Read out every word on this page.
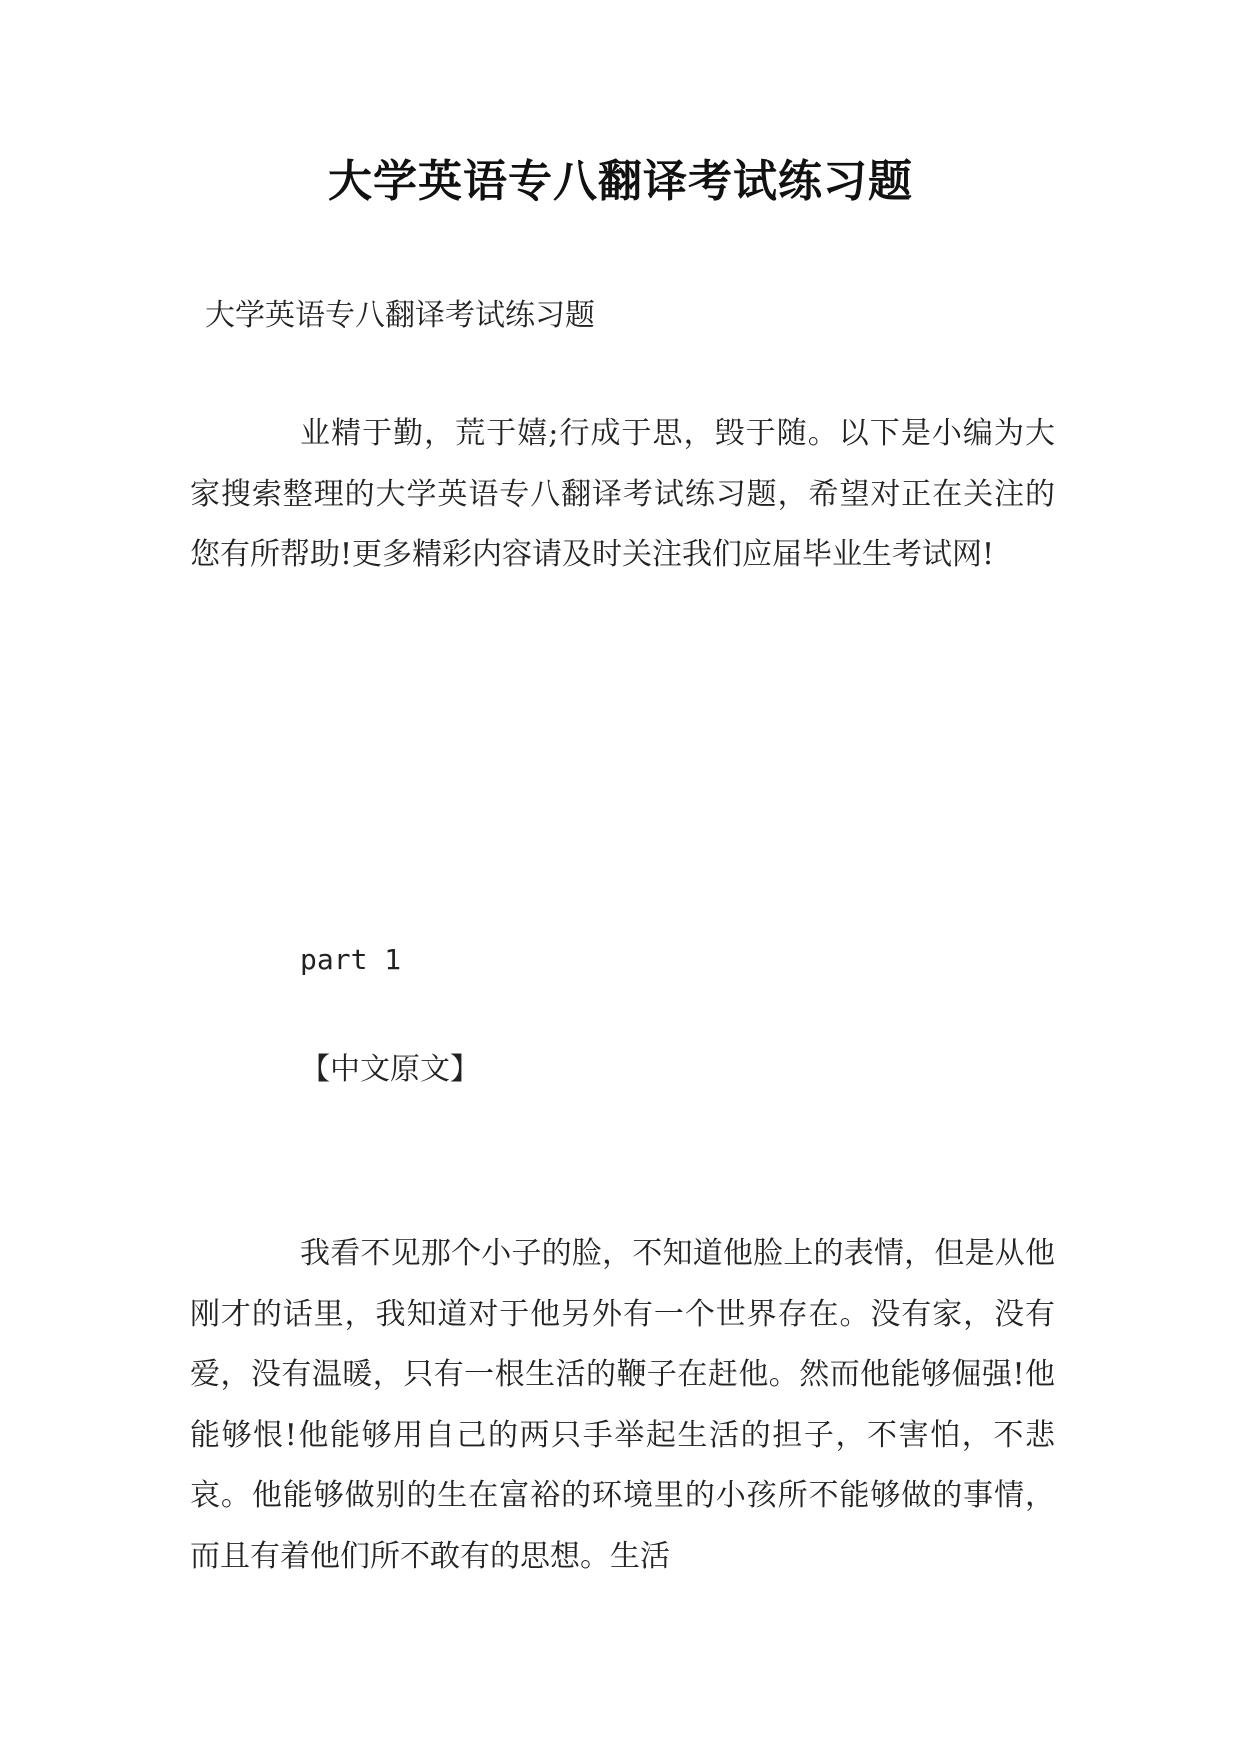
大学英语专八翻译考试练习题
大学英语专八翻译考试练习题
业精于勤，荒于嬉;行成于思，毁于随。以下是小编为大家搜索整理的大学英语专八翻译考试练习题，希望对正在关注的您有所帮助!更多精彩内容请及时关注我们应届毕业生考试网!
part 1
【中文原文】
我看不见那个小子的脸，不知道他脸上的表情，但是从他刚才的话里，我知道对于他另外有一个世界存在。没有家，没有爱，没有温暖，只有一根生活的鞭子在赶他。然而他能够倔强!他能够恨!他能够用自己的两只手举起生活的担子，不害怕，不悲哀。他能够做别的生在富裕的环境里的小孩所不能够做的事情，而且有着他们所不敢有的思想。生活
